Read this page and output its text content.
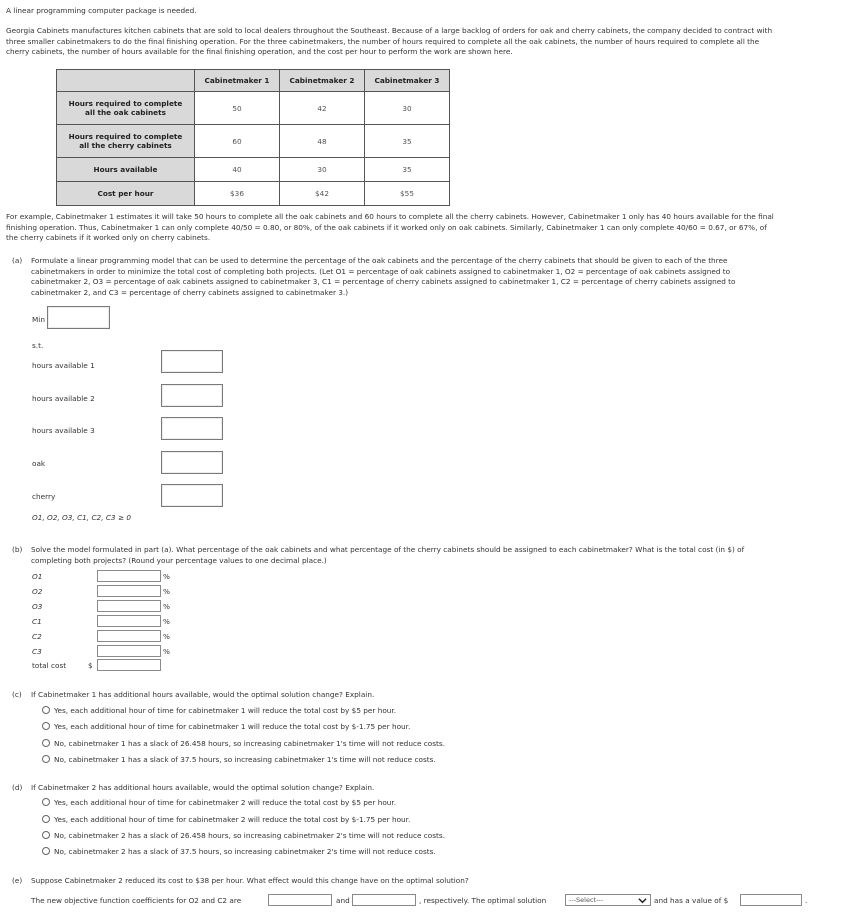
A linear programming computer package is needed.
Georgia Cabinets manufactures kitchen cabinets that are sold to local dealers throughout the Southeast. Because of a large backlog of orders for oak and cherry cabinets, the company decided to contract with
three smaller cabinetmakers to do the final finishing operation. For the three cabinetmakers, the number of hours required to complete all the oak cabinets, the number of hours required to complete all the
cherry cabinets, the number of hours available for the final finishing operation, and the cost per hour to perform the work are shown here.
	Cabinetmaker 1	Cabinetmaker 2	Cabinetmaker 3

Hours required to complete
all the oak cabinets	50	42	30

Hours required to complete
all the cherry cabinets	60	48	35
Hours available	40	30	35
Cost per hour	$36	$42	$55
For example, Cabinetmaker 1 estimates it will take 50 hours to complete all the oak cabinets and 60 hours to complete all the cherry cabinets. However, Cabinetmaker 1 only has 40 hours available for the final
finishing operation. Thus, Cabinetmaker 1 can only complete 40/50 = 0.80, or 80%, of the oak cabinets if it worked only on oak cabinets. Similarly, Cabinetmaker 1 can only complete 40/60 = 0.67, or 67%, of
the cherry cabinets if it worked only on cherry cabinets.
(a) Formulate a linear programming model that can be used to determine the percentage of the oak cabinets and the percentage of the cherry cabinets that should be given to each of the three
cabinetmakers in order to minimize the total cost of completing both projects. (Let O1 = percentage of oak cabinets assigned to cabinetmaker 1, O2 = percentage of oak cabinets assigned to
cabinetmaker 2, O3 = percentage of oak cabinets assigned to cabinetmaker 3, C1 = percentage of cherry cabinets assigned to cabinetmaker 1, C2 = percentage of cherry cabinets assigned to
cabinetmaker 2, and C3 = percentage of cherry cabinets assigned to cabinetmaker 3.)
Min
s.t.
hours available 1
hours available 2
hours available 3
oak
cherry
O1, O2, O3, C1, C2, C3 ≥ 0
(b) Solve the model formulated in part (a). What percentage of the oak cabinets and what percentage of the cherry cabinets should be assigned to each cabinetmaker? What is the total cost (in $) of
completing both projects? (Round your percentage values to one decimal place.)
O1	%
O2	%
O3	%
C1	%
C2	%
C3	%
total cost	$
(c) If Cabinetmaker 1 has additional hours available, would the optimal solution change? Explain.
Yes, each additional hour of time for cabinetmaker 1 will reduce the total cost by $5 per hour.
Yes, each additional hour of time for cabinetmaker 1 will reduce the total cost by $-1.75 per hour.
No, cabinetmaker 1 has a slack of 26.458 hours, so increasing cabinetmaker 1's time will not reduce costs.
No, cabinetmaker 1 has a slack of 37.5 hours, so increasing cabinetmaker 1's time will not reduce costs.
(d) If Cabinetmaker 2 has additional hours available, would the optimal solution change? Explain.
Yes, each additional hour of time for cabinetmaker 2 will reduce the total cost by $5 per hour.
Yes, each additional hour of time for cabinetmaker 2 will reduce the total cost by $-1.75 per hour.
No, cabinetmaker 2 has a slack of 26.458 hours, so increasing cabinetmaker 2's time will not reduce costs.
No, cabinetmaker 2 has a slack of 37.5 hours, so increasing cabinetmaker 2's time will not reduce costs.
(e) Suppose Cabinetmaker 2 reduced its cost to $38 per hour. What effect would this change have on the optimal solution?
The new objective function coefficients for O2 and C2 are	and	, respectively. The optimal solution	---Select---	and has a value of $	.
